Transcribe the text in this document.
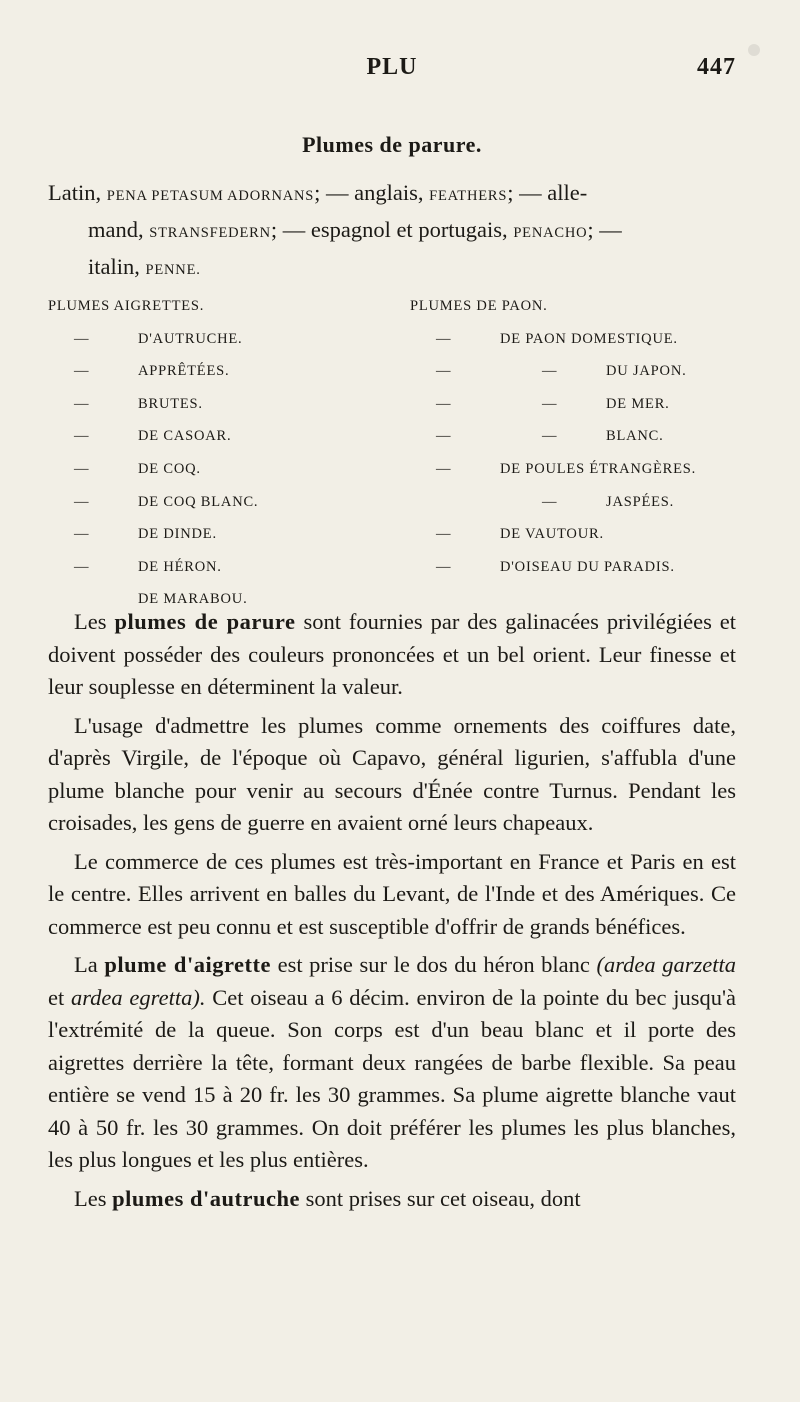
PLU	447
Plumes de parure.
Latin, PENA PETASUM ADORNANS; — anglais, FEATHERS; — alle-
mand, STRANSFEDERN; — espagnol et portugais, PENACHO; —
italin, PENNE.
PLUMES AIGRETTES.
—	D'AUTRUCHE.
—	APPRÊTÉES.
—	BRUTES.
—	DE CASOAR.
—	DE COQ.
—	DE COQ BLANC.
—	DE DINDE.
—	DE HÉRON.
DE MARABOU.
PLUMES DE PAON.
—	DE PAON DOMESTIQUE.
—	—	DU JAPON.
—	—	DE MER.
—	—	BLANC.
—	DE POULES ÉTRANGÈRES.
—	JASPÉES.
—	DE VAUTOUR.
—	D'OISEAU DU PARADIS.

Les plumes de parure sont fournies par des galinacées privilégiées et doivent posséder des couleurs prononcées et un bel orient. Leur finesse et leur souplesse en déterminent la valeur.

L'usage d'admettre les plumes comme ornements des coiffures date, d'après Virgile, de l'époque où Capavo, général ligurien, s'affubla d'une plume blanche pour venir au secours d'Énée contre Turnus. Pendant les croisades, les gens de guerre en avaient orné leurs chapeaux.

Le commerce de ces plumes est très-important en France et Paris en est le centre. Elles arrivent en balles du Levant, de l'Inde et des Amériques. Ce commerce est peu connu et est susceptible d'offrir de grands bénéfices.

La plume d'aigrette est prise sur le dos du héron blanc (ardea garzetta et ardea egretta). Cet oiseau a 6 décim. environ de la pointe du bec jusqu'à l'extrémité de la queue. Son corps est d'un beau blanc et il porte des aigrettes derrière la tête, formant deux rangées de barbe flexible. Sa peau entière se vend 15 à 20 fr. les 30 grammes. Sa plume aigrette blanche vaut 40 à 50 fr. les 30 grammes. On doit préférer les plumes les plus blanches, les plus longues et les plus entières.

Les plumes d'autruche sont prises sur cet oiseau, dont
